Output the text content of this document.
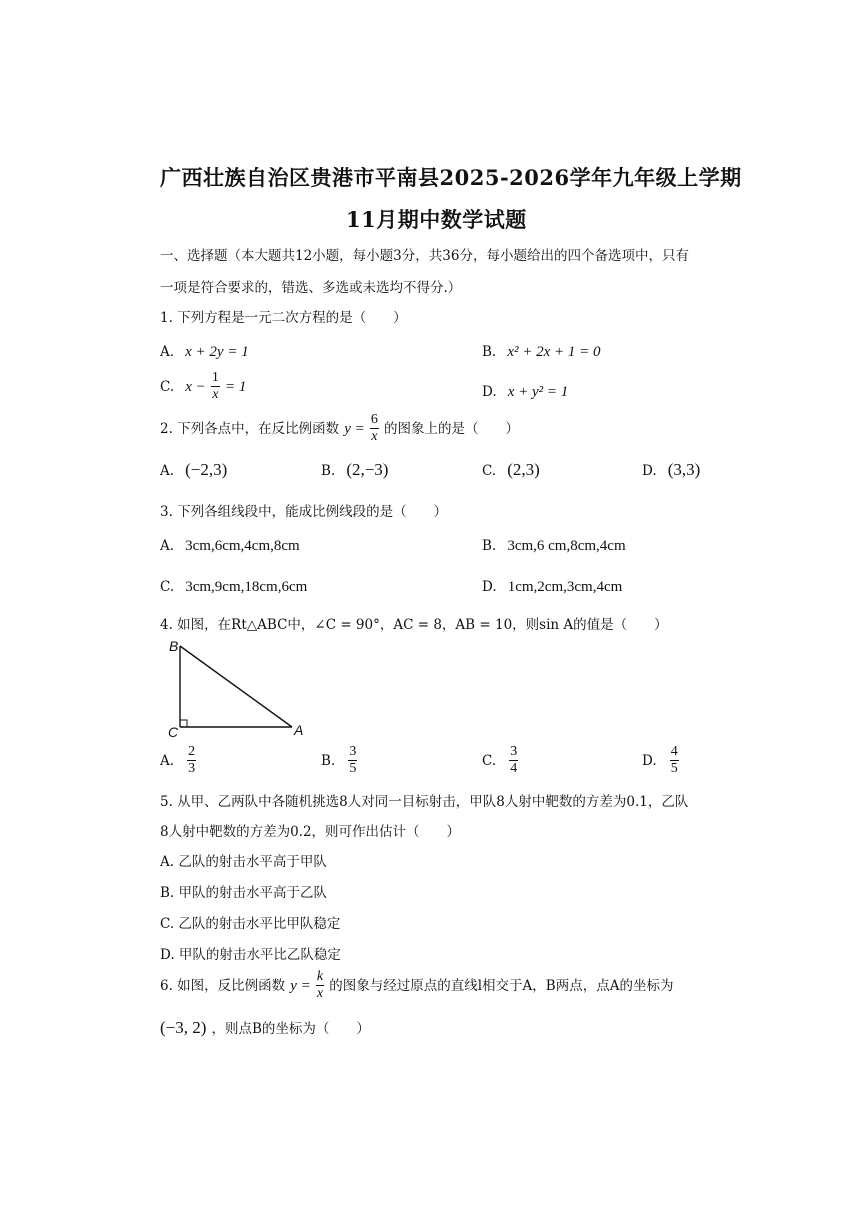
广西壮族自治区贵港市平南县2025-2026学年九年级上学期
11月期中数学试题
一、选择题（本大题共12小题，每小题3分，共36分，每小题给出的四个备选项中，只有
一项是符合要求的，错选、多选或未选均不得分.）
1. 下列方程是一元二次方程的是（　　）
A. x + 2y = 1	B. x² + 2x + 1 = 0
C. $x - \frac{1}{x} = 1$	D. x + y² = 1
2. 下列各点中，在反比例函数 $y = \frac{6}{x}$ 的图象上的是（　　）
A. (−2,3)	B. (2,−3)	C. (2,3)	D. (3,3)
3. 下列各组线段中，能成比例线段的是（　　）
A. 3cm,6cm,4cm,8cm	B. 3cm,6 cm,8cm,4cm
C. 3cm,9cm,18cm,6cm	D. 1cm,2cm,3cm,4cm
4. 如图，在Rt△ABC中，∠C = 90°，AC = 8，AB = 10，则sin A的值是（　　）
B
C	A
A. $\frac{2}{3}$	B. $\frac{3}{5}$	C. $\frac{3}{4}$	D. $\frac{4}{5}$
5. 从甲、乙两队中各随机挑选8人对同一目标射击，甲队8人射中靶数的方差为0.1，乙队
8人射中靶数的方差为0.2，则可作出估计（　　）
A. 乙队的射击水平高于甲队
B. 甲队的射击水平高于乙队
C. 乙队的射击水平比甲队稳定
D. 甲队的射击水平比乙队稳定
6. 如图，反比例函数 $y = \frac{k}{x}$ 的图象与经过原点的直线l相交于A，B两点，点A的坐标为
(−3, 2) ，则点B的坐标为（　　）
